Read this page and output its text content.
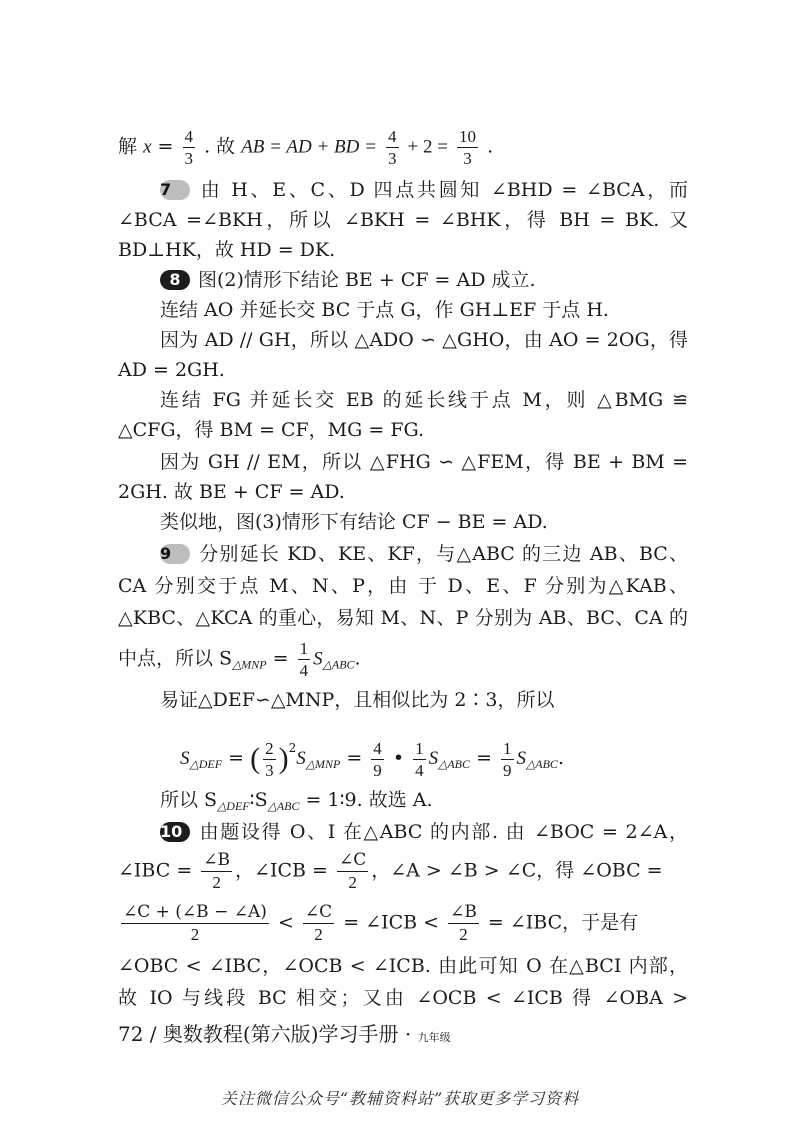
解 $x = \frac{4}{3}$ . 故 AB = AD + BD = $\frac{4}{3} + 2 = \frac{10}{3}$ .
7 由 H、E、C、D 四点共圆知 ∠BHD = ∠BCA，而
∠BCA =∠BKH，所以 ∠BKH = ∠BHK，得 BH = BK. 又
BD⊥HK，故 HD = DK.
8 图(2)情形下结论 BE + CF = AD 成立.
连结 AO 并延长交 BC 于点 G，作 GH⊥EF 于点 H.
因为 AD // GH，所以 △ADO ∽ △GHO，由 AO = 2OG，得
AD = 2GH.
连结 FG 并延长交 EB 的延长线于点 M，则 △BMG ≌
△CFG，得 BM = CF，MG = FG.
因为 GH // EM，所以 △FHG ∽ △FEM，得 BE + BM =
2GH. 故 BE + CF = AD.
类似地，图(3)情形下有结论 CF − BE = AD.
9 分别延长 KD、KE、KF，与△ABC 的三边 AB、BC、
CA 分别交于点 M、N、P，由 于 D、E、F 分别为△KAB、
△KBC、△KCA 的重心，易知 M、N、P 分别为 AB、BC、CA 的
中点，所以 $S_{\triangle MNP} = \frac{1}{4} S_{\triangle ABC}$.
易证△DEF∽△MNP，且相似比为 2∶3，所以
$S_{\triangle DEF}$ = ( $\frac{2}{3} )^2S_{\triangle MNP} = \frac{4}{9}$ • $\frac{1}{4} S_{\triangle ABC} = \frac{1}{9} S_{\triangle ABC}$.
所以 $S_{\triangle DEF}∶S_{\triangle ABC}$ = 1∶9. 故选 A.
10 由题设得 O、I 在△ABC 的内部. 由 ∠BOC = 2∠A，
∠IBC = $\frac{\angle B}{2}$ ，∠ICB = $\frac{\angle C}{2}$ ，∠A > ∠B > ∠C，得 ∠OBC =
$\frac{\angle C + (\angle B - \angle A)}{2} < \frac{\angle C}{2}$ = ∠ICB < $\frac{\angle B}{2}$ = ∠IBC，于是有
∠OBC < ∠IBC，∠OCB < ∠ICB. 由此可知 O 在△BCI 内部，
故 IO 与线段 BC 相交；又由 ∠OCB < ∠ICB 得 ∠OBA >
72 / 奥数教程(第六版)学习手册 · 九年级
关注微信公众号“教辅资料站”获取更多学习资料
